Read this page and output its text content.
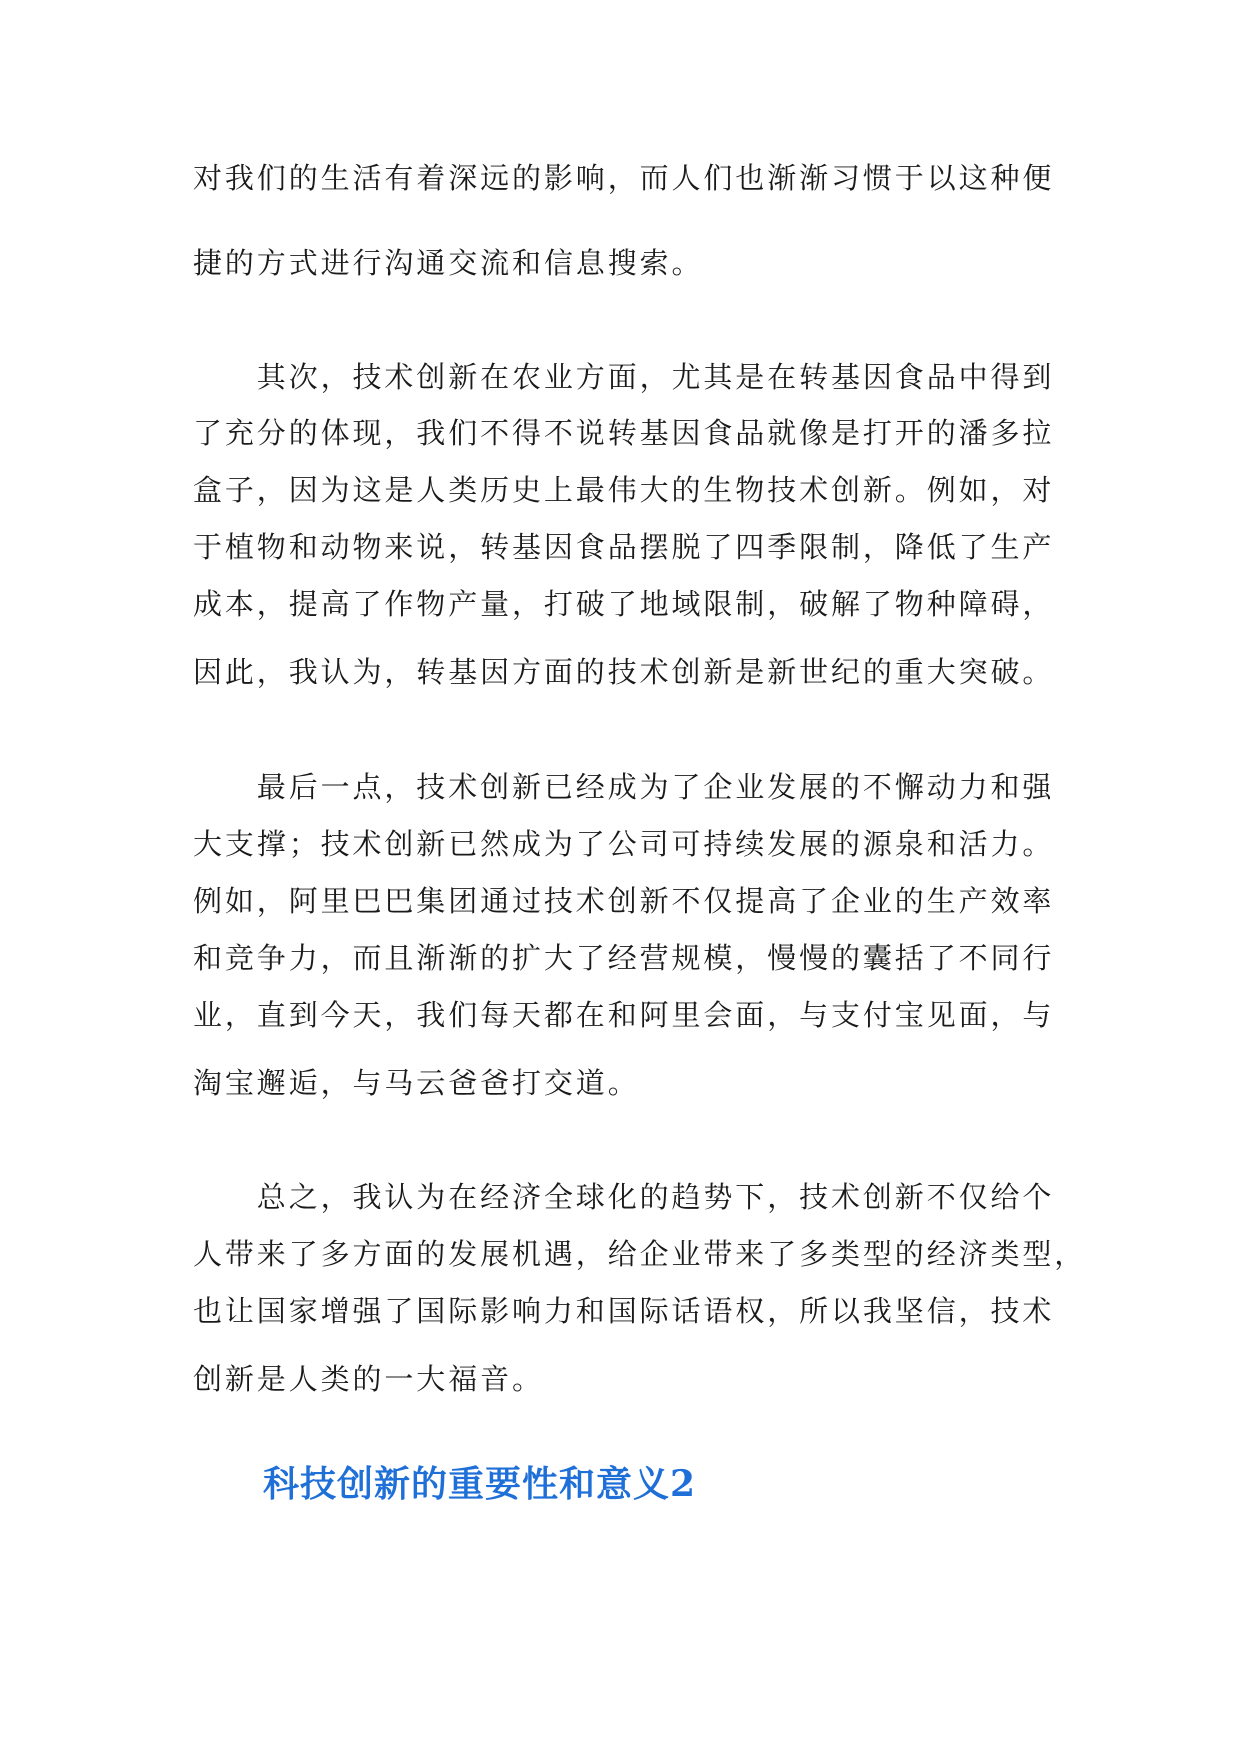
对我们的生活有着深远的影响，而人们也渐渐习惯于以这种便
捷的方式进行沟通交流和信息搜索。
　　其次，技术创新在农业方面，尤其是在转基因食品中得到
了充分的体现，我们不得不说转基因食品就像是打开的潘多拉
盒子，因为这是人类历史上最伟大的生物技术创新。例如，对
于植物和动物来说，转基因食品摆脱了四季限制，降低了生产
成本，提高了作物产量，打破了地域限制，破解了物种障碍，
因此，我认为，转基因方面的技术创新是新世纪的重大突破。
　　最后一点，技术创新已经成为了企业发展的不懈动力和强
大支撑；技术创新已然成为了公司可持续发展的源泉和活力。
例如，阿里巴巴集团通过技术创新不仅提高了企业的生产效率
和竞争力，而且渐渐的扩大了经营规模，慢慢的囊括了不同行
业，直到今天，我们每天都在和阿里会面，与支付宝见面，与
淘宝邂逅，与马云爸爸打交道。
　　总之，我认为在经济全球化的趋势下，技术创新不仅给个
人带来了多方面的发展机遇，给企业带来了多类型的经济类型，
也让国家增强了国际影响力和国际话语权，所以我坚信，技术
创新是人类的一大福音。
科技创新的重要性和意义2
